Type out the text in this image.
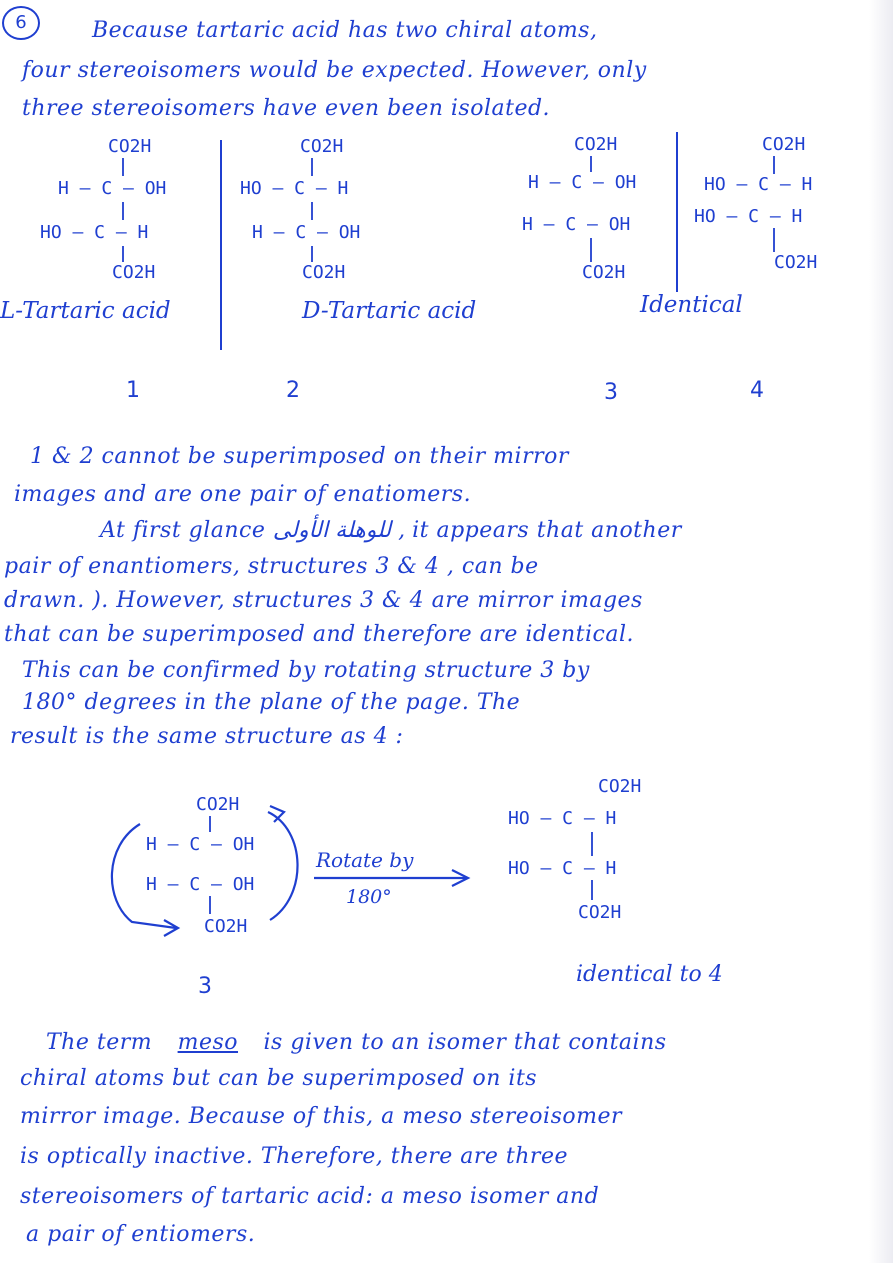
6	Because tartaric acid has two chiral atoms,
four stereoisomers would be expected. However, only
three stereoisomers have even been isolated.
CO2H
H – C – OH
HO – C – H
CO2H
CO2H
HO – C – H
H – C – OH
CO2H
CO2H
H – C – OH
H – C – OH
CO2H
CO2H
HO – C – H
HO – C – H
CO2H
L-Tartaric acid	D-Tartaric acid	Identical
1	2	3	4
1 & 2 cannot be superimposed on their mirror
images and are one pair of enatiomers.
At first glance للوهلة الأولى , it appears that another
pair of enantiomers, structures 3 & 4 , can be
drawn. ). However, structures 3 & 4 are mirror images
that can be superimposed and therefore are identical.
This can be confirmed by rotating structure 3 by
180° degrees in the plane of the page. The
result is the same structure as 4 :
CO2H
H – C – OH
H – C – OH
CO2H
Rotate by
180°
CO2H
HO – C – H
HO – C – H
CO2H
3	identical to 4
The term meso is given to an isomer that contains
chiral atoms but can be superimposed on its
mirror image. Because of this, a meso stereoisomer
is optically inactive. Therefore, there are three
stereoisomers of tartaric acid: a meso isomer and
a pair of entiomers.
